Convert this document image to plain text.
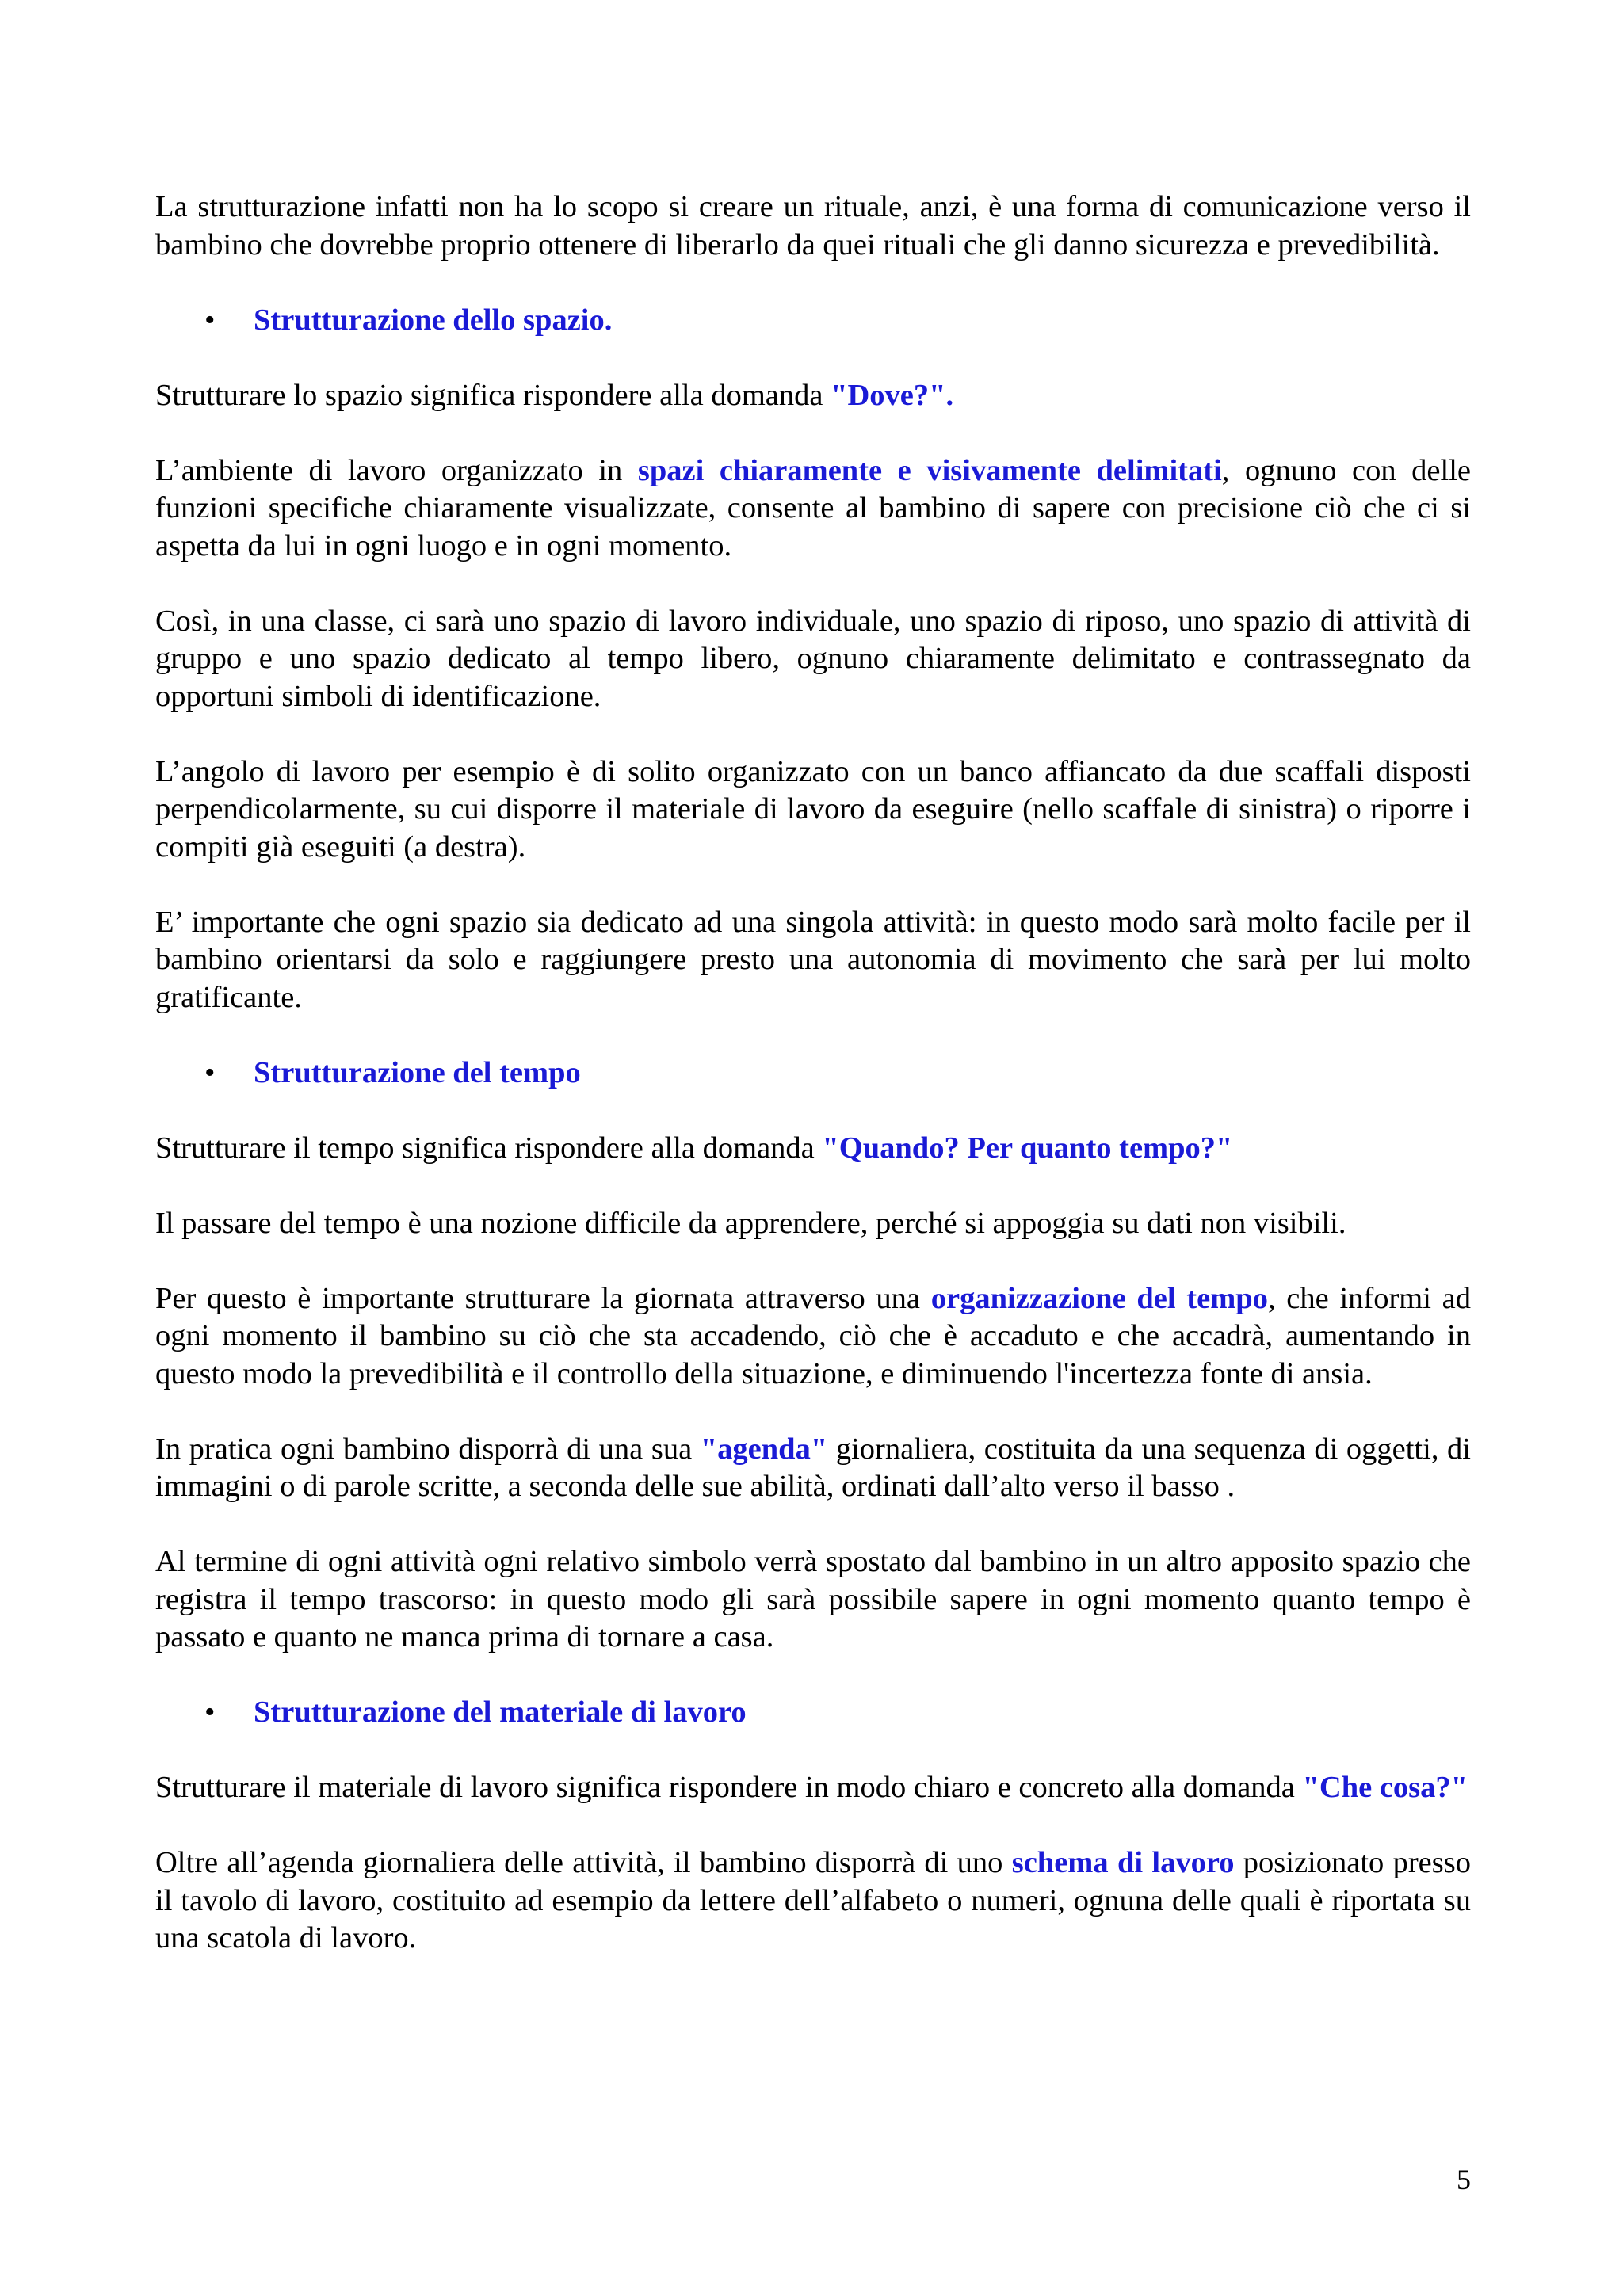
La strutturazione infatti non ha lo scopo si creare un rituale, anzi, è una forma di comunicazione verso il bambino che dovrebbe proprio ottenere di liberarlo da quei rituali che gli danno sicurezza e prevedibilità.

• Strutturazione dello spazio.

Strutturare lo spazio significa rispondere alla domanda "Dove?".

L’ambiente di lavoro organizzato in spazi chiaramente e visivamente delimitati, ognuno con delle funzioni specifiche chiaramente visualizzate, consente al bambino di sapere con precisione ciò che ci si aspetta da lui in ogni luogo e in ogni momento.

Così, in una classe, ci sarà uno spazio di lavoro individuale, uno spazio di riposo, uno spazio di attività di gruppo e uno spazio dedicato al tempo libero, ognuno chiaramente delimitato e contrassegnato da opportuni simboli di identificazione.

L’angolo di lavoro per esempio è di solito organizzato con un banco affiancato da due scaffali disposti perpendicolarmente, su cui disporre il materiale di lavoro da eseguire (nello scaffale di sinistra) o riporre i compiti già eseguiti (a destra).

E’ importante che ogni spazio sia dedicato ad una singola attività: in questo modo sarà molto facile per il bambino orientarsi da solo e raggiungere presto una autonomia di movimento che sarà per lui molto gratificante.

• Strutturazione del tempo

Strutturare il tempo significa rispondere alla domanda "Quando? Per quanto tempo?"

Il passare del tempo è una nozione difficile da apprendere, perché si appoggia su dati non visibili.

Per questo è importante strutturare la giornata attraverso una organizzazione del tempo, che informi ad ogni momento il bambino su ciò che sta accadendo, ciò che è accaduto e che accadrà, aumentando in questo modo la prevedibilità e il controllo della situazione, e diminuendo l'incertezza fonte di ansia.

In pratica ogni bambino disporrà di una sua "agenda" giornaliera, costituita da una sequenza di oggetti, di immagini o di parole scritte, a seconda delle sue abilità, ordinati dall’alto verso il basso .

Al termine di ogni attività ogni relativo simbolo verrà spostato dal bambino in un altro apposito spazio che registra il tempo trascorso: in questo modo gli sarà possibile sapere in ogni momento quanto tempo è passato e quanto ne manca prima di tornare a casa.

• Strutturazione del materiale di lavoro

Strutturare il materiale di lavoro significa rispondere in modo chiaro e concreto alla domanda "Che cosa?"

Oltre all’agenda giornaliera delle attività, il bambino disporrà di uno schema di lavoro posizionato presso il tavolo di lavoro, costituito ad esempio da lettere dell’alfabeto o numeri, ognuna delle quali è riportata su una scatola di lavoro.

5
